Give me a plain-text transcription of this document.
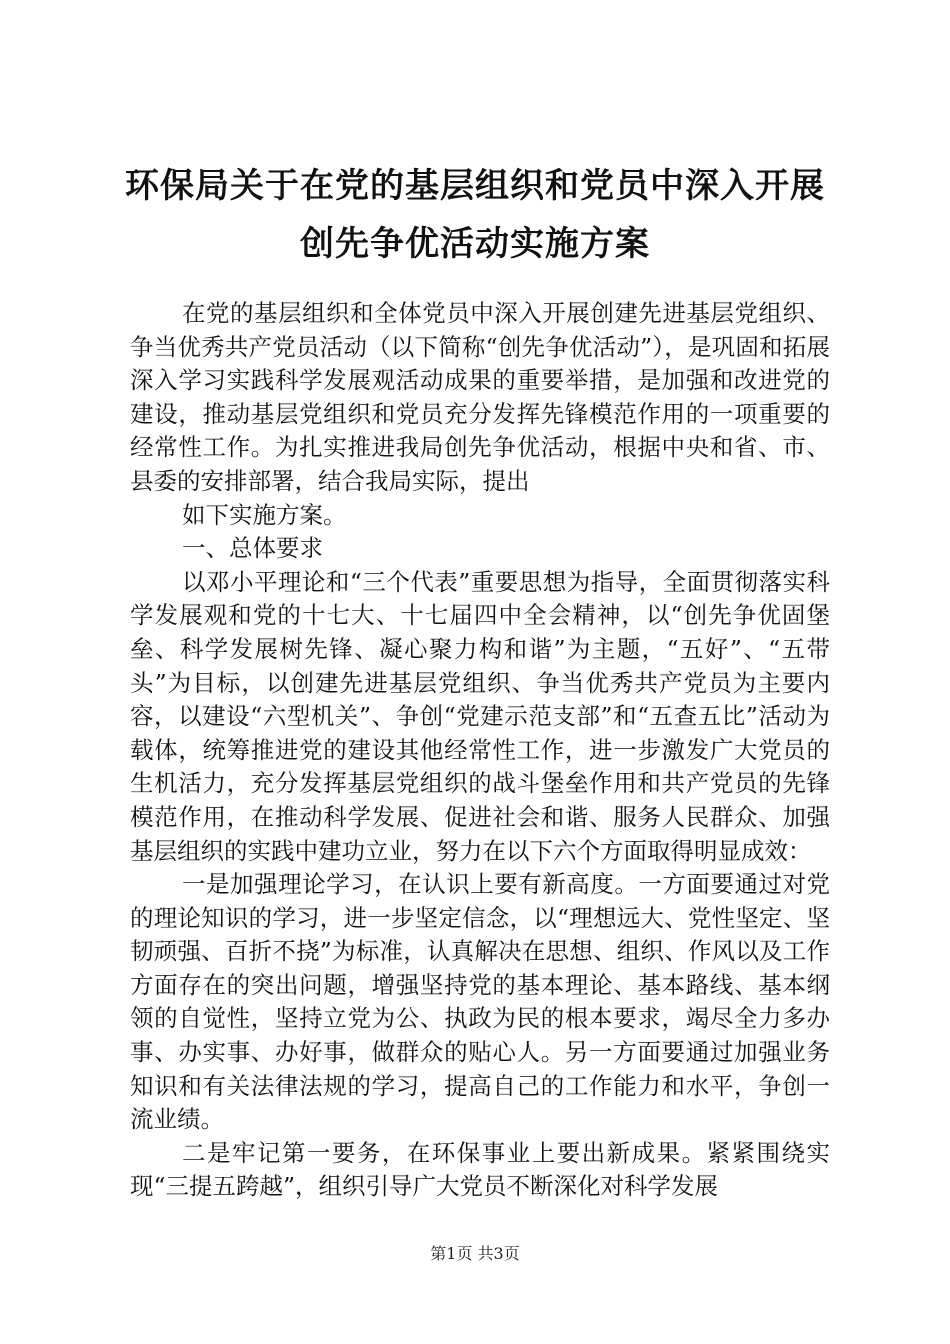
环保局关于在党的基层组织和党员中深入开展
创先争优活动实施方案

在党的基层组织和全体党员中深入开展创建先进基层党组织、争当优秀共产党员活动（以下简称“创先争优活动”），是巩固和拓展深入学习实践科学发展观活动成果的重要举措，是加强和改进党的建设，推动基层党组织和党员充分发挥先锋模范作用的一项重要的经常性工作。为扎实推进我局创先争优活动，根据中央和省、市、县委的安排部署，结合我局实际，提出

如下实施方案。

一、总体要求

以邓小平理论和“三个代表”重要思想为指导，全面贯彻落实科学发展观和党的十七大、十七届四中全会精神，以“创先争优固堡垒、科学发展树先锋、凝心聚力构和谐”为主题，“五好”、“五带头”为目标，以创建先进基层党组织、争当优秀共产党员为主要内容，以建设“六型机关”、争创“党建示范支部”和“五查五比”活动为载体，统筹推进党的建设其他经常性工作，进一步激发广大党员的生机活力，充分发挥基层党组织的战斗堡垒作用和共产党员的先锋模范作用，在推动科学发展、促进社会和谐、服务人民群众、加强基层组织的实践中建功立业，努力在以下六个方面取得明显成效：

一是加强理论学习，在认识上要有新高度。一方面要通过对党的理论知识的学习，进一步坚定信念，以“理想远大、党性坚定、坚韧顽强、百折不挠”为标准，认真解决在思想、组织、作风以及工作方面存在的突出问题，增强坚持党的基本理论、基本路线、基本纲领的自觉性，坚持立党为公、执政为民的根本要求，竭尽全力多办事、办实事、办好事，做群众的贴心人。另一方面要通过加强业务知识和有关法律法规的学习，提高自己的工作能力和水平，争创一流业绩。

二是牢记第一要务，在环保事业上要出新成果。紧紧围绕实现“三提五跨越”，组织引导广大党员不断深化对科学发展

第1页 共3页
